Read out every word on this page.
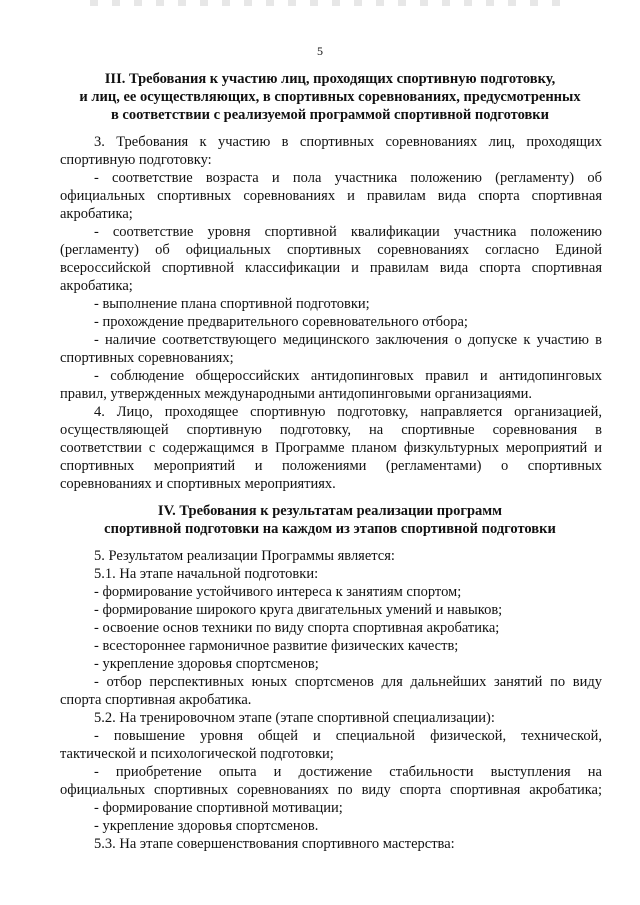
5
III. Требования к участию лиц, проходящих спортивную подготовку,
и лиц, ее осуществляющих, в спортивных соревнованиях, предусмотренных
в соответствии с реализуемой программой спортивной подготовки
3. Требования к участию в спортивных соревнованиях лиц, проходящих
спортивную подготовку:
- соответствие возраста и пола участника положению (регламенту) об
официальных спортивных соревнованиях и правилам вида спорта спортивная
акробатика;
- соответствие уровня спортивной квалификации участника положению
(регламенту) об официальных спортивных соревнованиях согласно Единой
всероссийской спортивной классификации и правилам вида спорта спортивная
акробатика;
- выполнение плана спортивной подготовки;
- прохождение предварительного соревновательного отбора;
- наличие соответствующего медицинского заключения о допуске к участию в
спортивных соревнованиях;
- соблюдение общероссийских антидопинговых правил и антидопинговых
правил, утвержденных международными антидопинговыми организациями.
4. Лицо, проходящее спортивную подготовку, направляется организацией,
осуществляющей спортивную подготовку, на спортивные соревнования в
соответствии с содержащимся в Программе планом физкультурных мероприятий и
спортивных мероприятий и положениями (регламентами) о спортивных
соревнованиях и спортивных мероприятиях.
IV. Требования к результатам реализации программ
спортивной подготовки на каждом из этапов спортивной подготовки
5. Результатом реализации Программы является:
5.1. На этапе начальной подготовки:
- формирование устойчивого интереса к занятиям спортом;
- формирование широкого круга двигательных умений и навыков;
- освоение основ техники по виду спорта спортивная акробатика;
- всестороннее гармоничное развитие физических качеств;
- укрепление здоровья спортсменов;
- отбор перспективных юных спортсменов для дальнейших занятий по виду
спорта спортивная акробатика.
5.2. На тренировочном этапе (этапе спортивной специализации):
- повышение уровня общей и специальной физической, технической,
тактической и психологической подготовки;
- приобретение опыта и достижение стабильности выступления на
официальных спортивных соревнованиях по виду спорта спортивная акробатика;
- формирование спортивной мотивации;
- укрепление здоровья спортсменов.
5.3. На этапе совершенствования спортивного мастерства:
